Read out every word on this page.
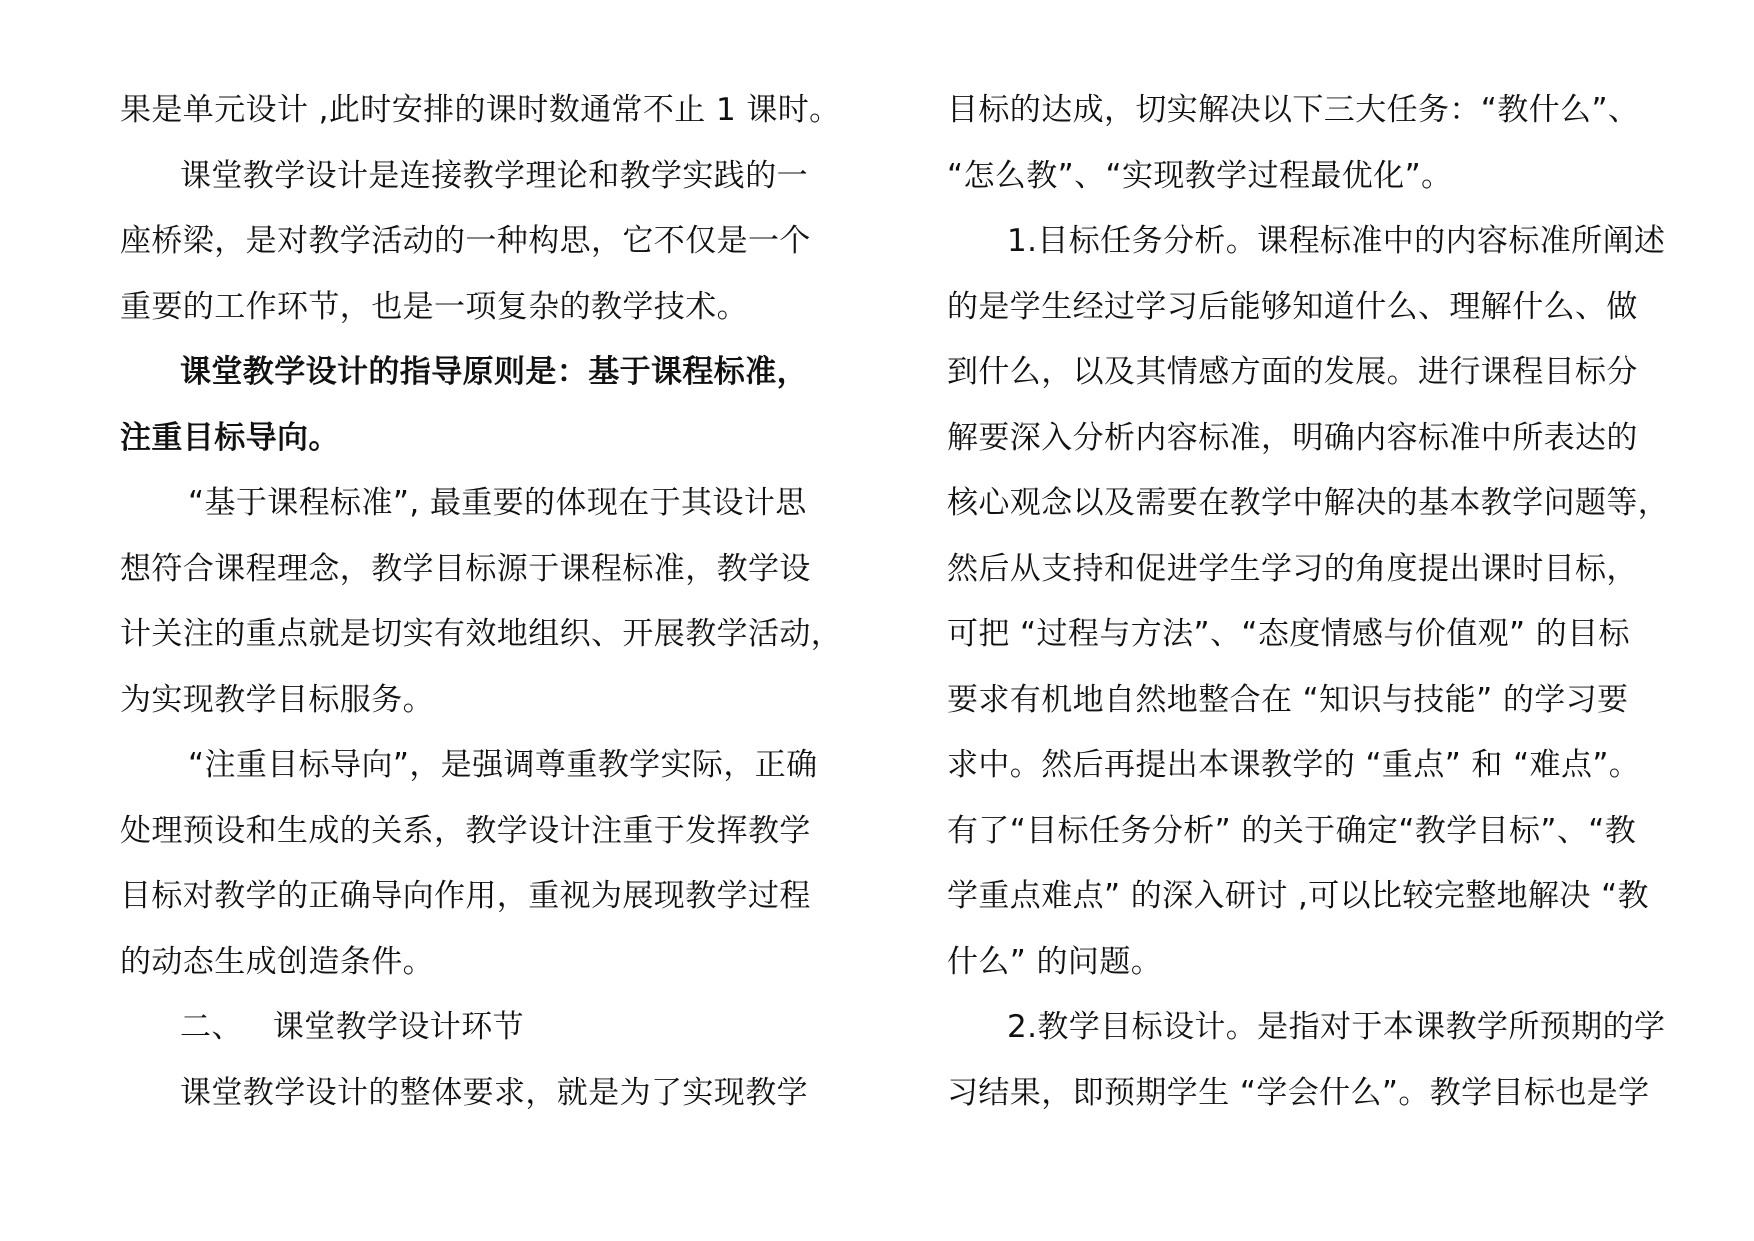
果是单元设计 ,此时安排的课时数通常不止 1 课时。
课堂教学设计是连接教学理论和教学实践的一
座桥梁，是对教学活动的一种构思，它不仅是一个
重要的工作环节，也是一项复杂的教学技术。
课堂教学设计的指导原则是：基于课程标准，
注重目标导向。
“基于课程标准”, 最重要的体现在于其设计思
想符合课程理念，教学目标源于课程标准，教学设
计关注的重点就是切实有效地组织、开展教学活动，
为实现教学目标服务。
“注重目标导向”，是强调尊重教学实际，正确
处理预设和生成的关系，教学设计注重于发挥教学
目标对教学的正确导向作用，重视为展现教学过程
的动态生成创造条件。
二、 课堂教学设计环节
课堂教学设计的整体要求，就是为了实现教学
目标的达成，切实解决以下三大任务：“教什么”、
“怎么教”、“实现教学过程最优化”。
1.目标任务分析。课程标准中的内容标准所阐述
的是学生经过学习后能够知道什么、理解什么、做
到什么，以及其情感方面的发展。进行课程目标分
解要深入分析内容标准，明确内容标准中所表达的
核心观念以及需要在教学中解决的基本教学问题等，
然后从支持和促进学生学习的角度提出课时目标，
可把 “过程与方法”、“态度情感与价值观” 的目标
要求有机地自然地整合在 “知识与技能” 的学习要
求中。然后再提出本课教学的 “重点” 和 “难点”。
有了“目标任务分析” 的关于确定“教学目标”、“教
学重点难点” 的深入研讨 ,可以比较完整地解决 “教
什么” 的问题。
2.教学目标设计。是指对于本课教学所预期的学
习结果，即预期学生 “学会什么”。教学目标也是学
